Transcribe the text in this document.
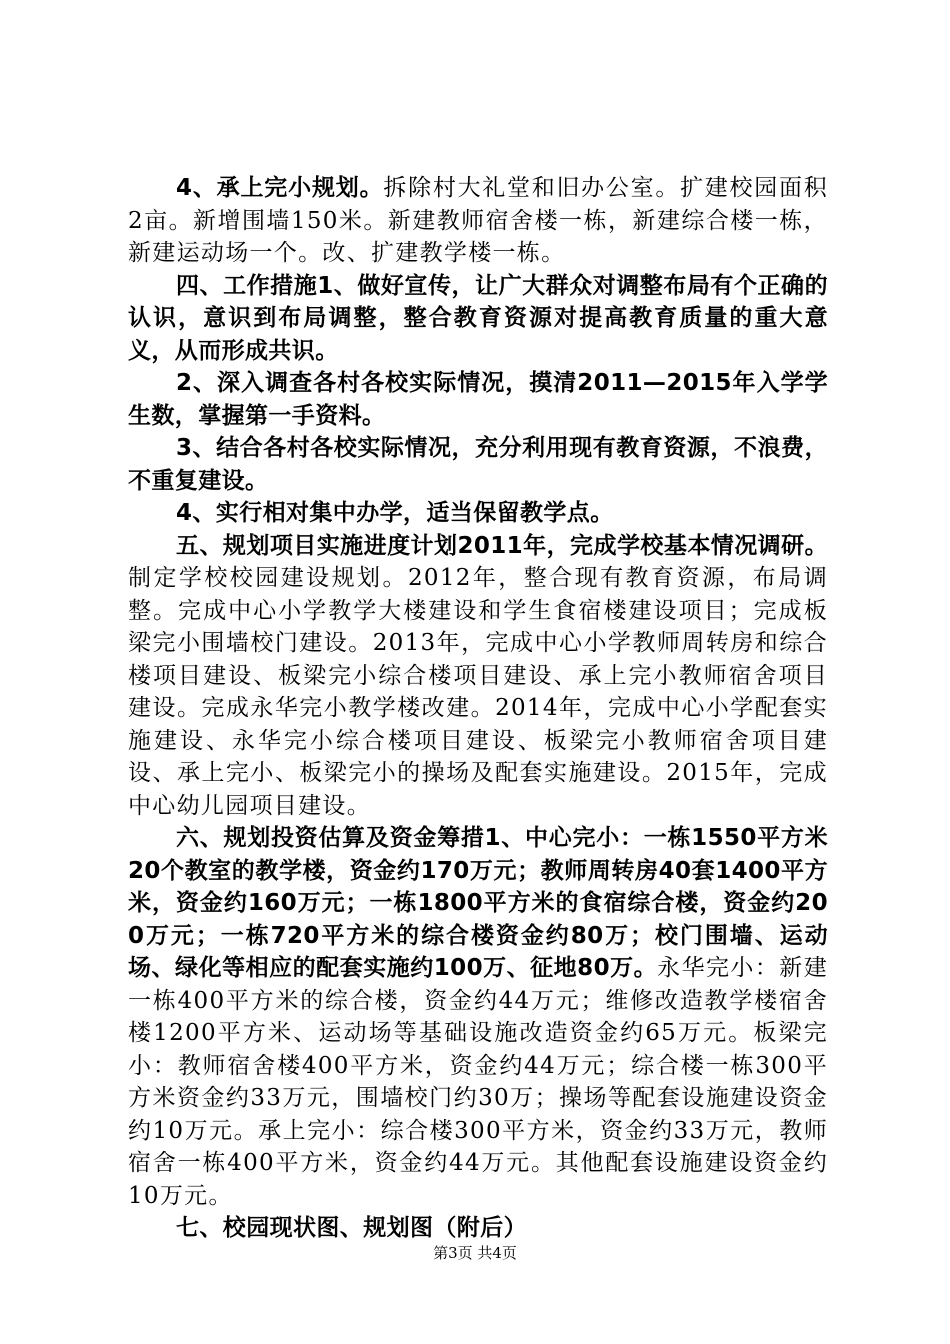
4、承上完小规划。拆除村大礼堂和旧办公室。扩建校园面积2亩。新增围墙150米。新建教师宿舍楼一栋，新建综合楼一栋，新建运动场一个。改、扩建教学楼一栋。

四、工作措施1、做好宣传，让广大群众对调整布局有个正确的认识，意识到布局调整，整合教育资源对提高教育质量的重大意义，从而形成共识。

2、深入调查各村各校实际情况，摸清2011—2015年入学学生数，掌握第一手资料。

3、结合各村各校实际情况，充分利用现有教育资源，不浪费，不重复建设。

4、实行相对集中办学，适当保留教学点。

五、规划项目实施进度计划2011年，完成学校基本情况调研。制定学校校园建设规划。2012年，整合现有教育资源，布局调整。完成中心小学教学大楼建设和学生食宿楼建设项目；完成板梁完小围墙校门建设。2013年，完成中心小学教师周转房和综合楼项目建设、板梁完小综合楼项目建设、承上完小教师宿舍项目建设。完成永华完小教学楼改建。2014年，完成中心小学配套实施建设、永华完小综合楼项目建设、板梁完小教师宿舍项目建设、承上完小、板梁完小的操场及配套实施建设。2015年，完成中心幼儿园项目建设。

六、规划投资估算及资金筹措1、中心完小：一栋1550平方米20个教室的教学楼，资金约170万元；教师周转房40套1400平方米，资金约160万元；一栋1800平方米的食宿综合楼，资金约200万元；一栋720平方米的综合楼资金约80万；校门围墙、运动场、绿化等相应的配套实施约100万、征地80万。永华完小：新建一栋400平方米的综合楼，资金约44万元；维修改造教学楼宿舍楼1200平方米、运动场等基础设施改造资金约65万元。板梁完小：教师宿舍楼400平方米，资金约44万元；综合楼一栋300平方米资金约33万元，围墙校门约30万；操场等配套设施建设资金约10万元。承上完小：综合楼300平方米，资金约33万元，教师宿舍一栋400平方米，资金约44万元。其他配套设施建设资金约10万元。

七、校园现状图、规划图（附后）

第3页 共4页
